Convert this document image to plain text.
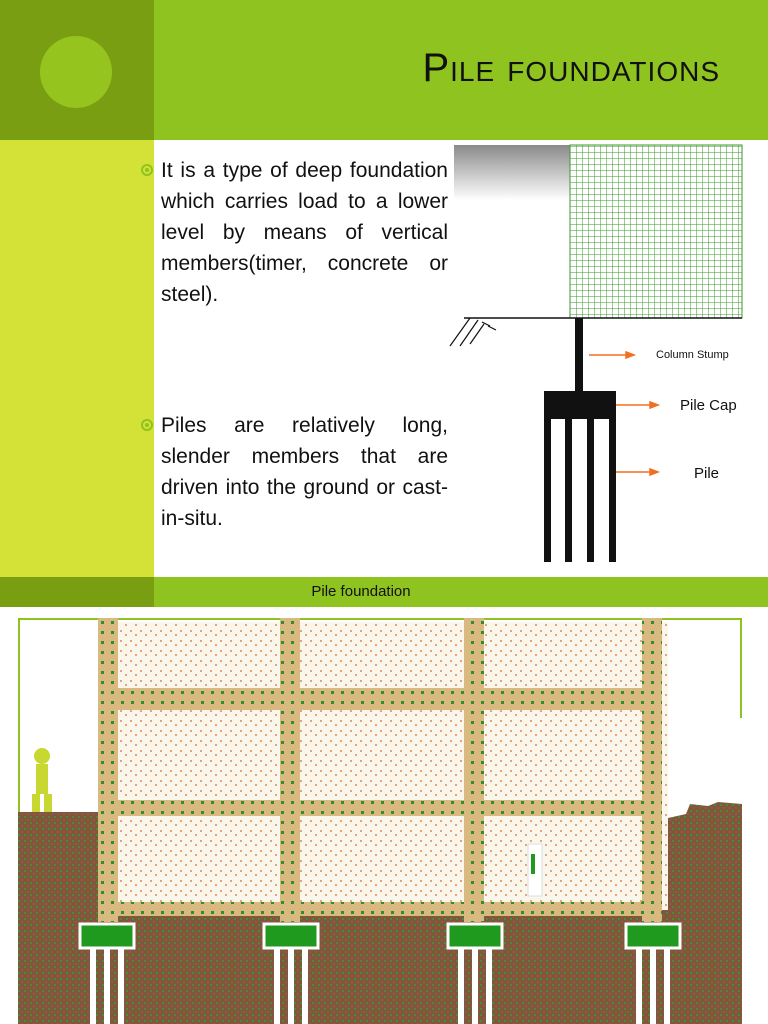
Pile foundations
It is a type of deep foundation which carries load to a lower level by means of vertical members(timer, concrete or steel).
Piles are relatively long, slender members that are driven into the ground or cast-in-situ.
Column Stump
Pile Cap
Pile
Pile foundation
